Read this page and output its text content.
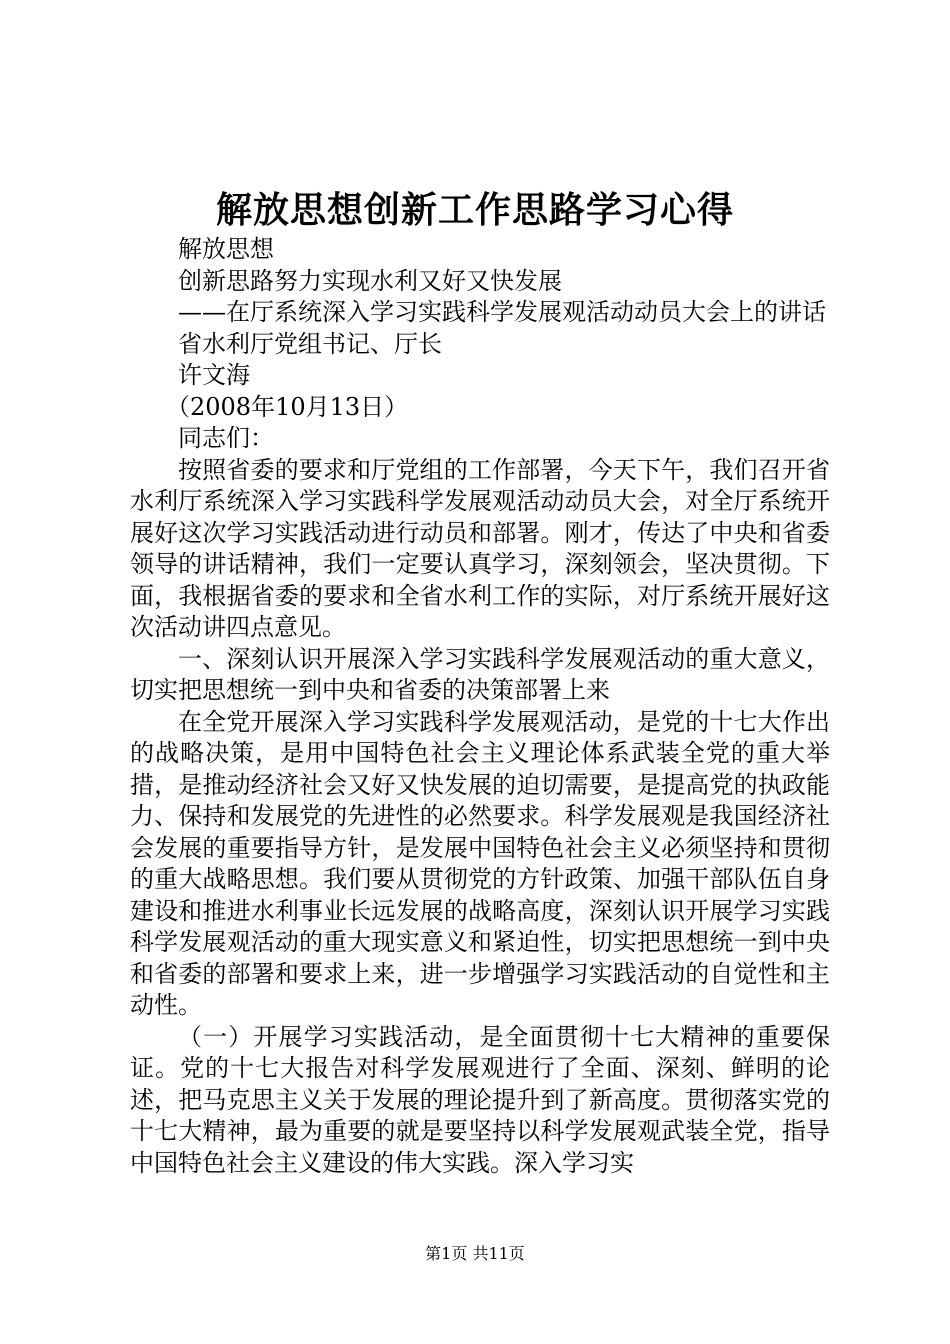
解放思想创新工作思路学习心得

解放思想

创新思路努力实现水利又好又快发展

——在厅系统深入学习实践科学发展观活动动员大会上的讲话

省水利厅党组书记、厅长

许文海

（2008年10月13日）

同志们：

按照省委的要求和厅党组的工作部署，今天下午，我们召开省水利厅系统深入学习实践科学发展观活动动员大会，对全厅系统开展好这次学习实践活动进行动员和部署。刚才，传达了中央和省委领导的讲话精神，我们一定要认真学习，深刻领会，坚决贯彻。下面，我根据省委的要求和全省水利工作的实际，对厅系统开展好这次活动讲四点意见。

一、深刻认识开展深入学习实践科学发展观活动的重大意义，切实把思想统一到中央和省委的决策部署上来

在全党开展深入学习实践科学发展观活动，是党的十七大作出的战略决策，是用中国特色社会主义理论体系武装全党的重大举措，是推动经济社会又好又快发展的迫切需要，是提高党的执政能力、保持和发展党的先进性的必然要求。科学发展观是我国经济社会发展的重要指导方针，是发展中国特色社会主义必须坚持和贯彻的重大战略思想。我们要从贯彻党的方针政策、加强干部队伍自身建设和推进水利事业长远发展的战略高度，深刻认识开展学习实践科学发展观活动的重大现实意义和紧迫性，切实把思想统一到中央和省委的部署和要求上来，进一步增强学习实践活动的自觉性和主动性。

（一）开展学习实践活动，是全面贯彻十七大精神的重要保证。党的十七大报告对科学发展观进行了全面、深刻、鲜明的论述，把马克思主义关于发展的理论提升到了新高度。贯彻落实党的十七大精神，最为重要的就是要坚持以科学发展观武装全党，指导中国特色社会主义建设的伟大实践。深入学习实

第1页 共11页
